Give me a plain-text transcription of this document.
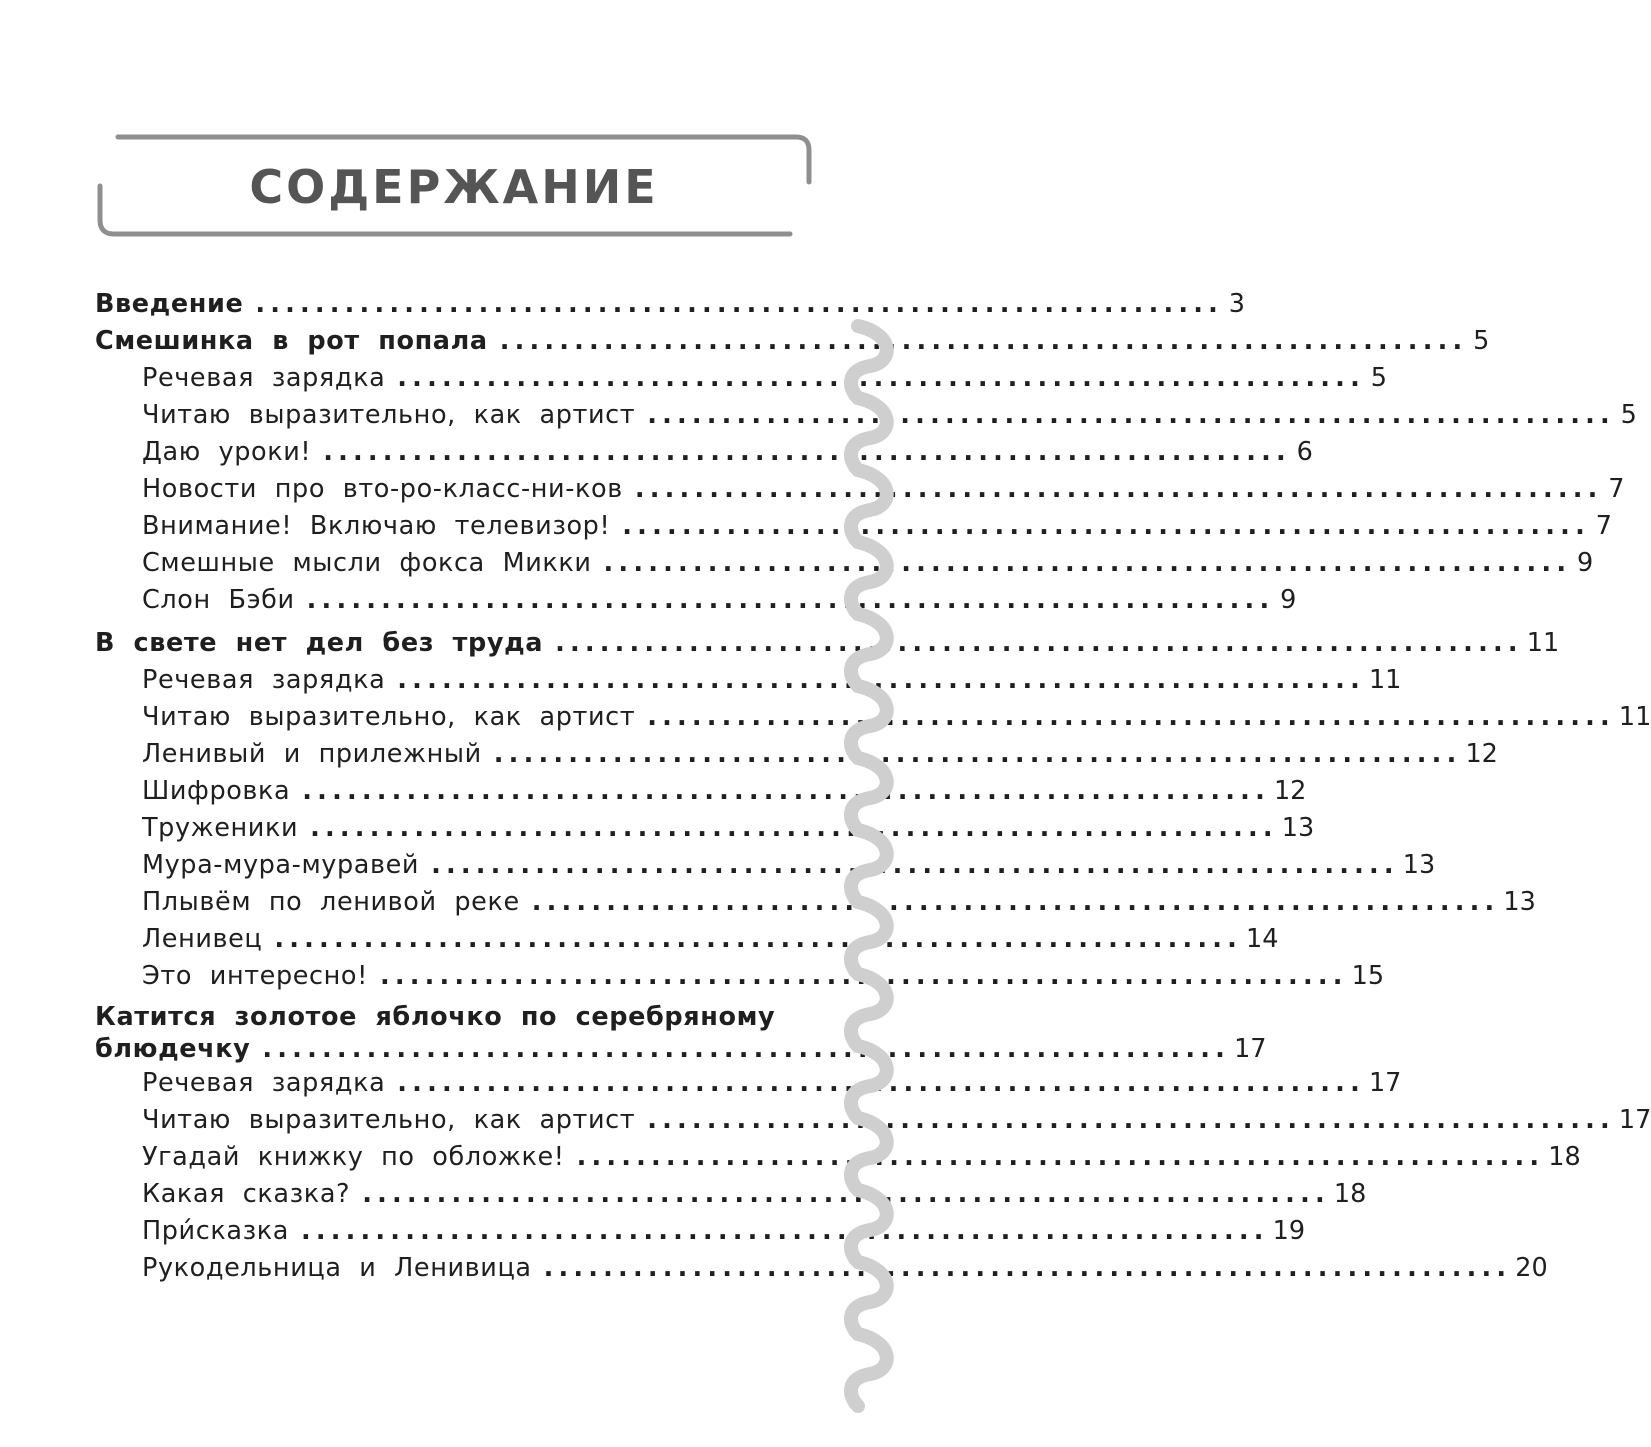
СОДЕРЖАНИЕ
Введение ................................................................. 3
Смешинка в рот попала ................................................................. 5
Речевая зарядка ................................................................. 5
Читаю выразительно, как артист ................................................................. 5
Даю уроки! ................................................................. 6
Новости про вто-ро-класс-ни-ков ................................................................. 7
Внимание! Включаю телевизор! ................................................................. 7
Смешные мысли фокса Микки ................................................................. 9
Слон Бэби ................................................................. 9
В свете нет дел без труда ................................................................. 11
Речевая зарядка ................................................................. 11
Читаю выразительно, как артист ................................................................. 11
Ленивый и прилежный ................................................................. 12
Шифровка ................................................................. 12
Труженики ................................................................. 13
Мура-мура-муравей ................................................................. 13
Плывём по ленивой реке ................................................................. 13
Ленивец ................................................................. 14
Это интересно! ................................................................. 15
Катится золотое яблочко по серебряному
блюдечку ................................................................. 17
Речевая зарядка ................................................................. 17
Читаю выразительно, как артист ................................................................. 17
Угадай книжку по обложке! ................................................................. 18
Какая сказка? ................................................................. 18
При́сказка ................................................................. 19
Рукодельница и Ленивица ................................................................. 20
